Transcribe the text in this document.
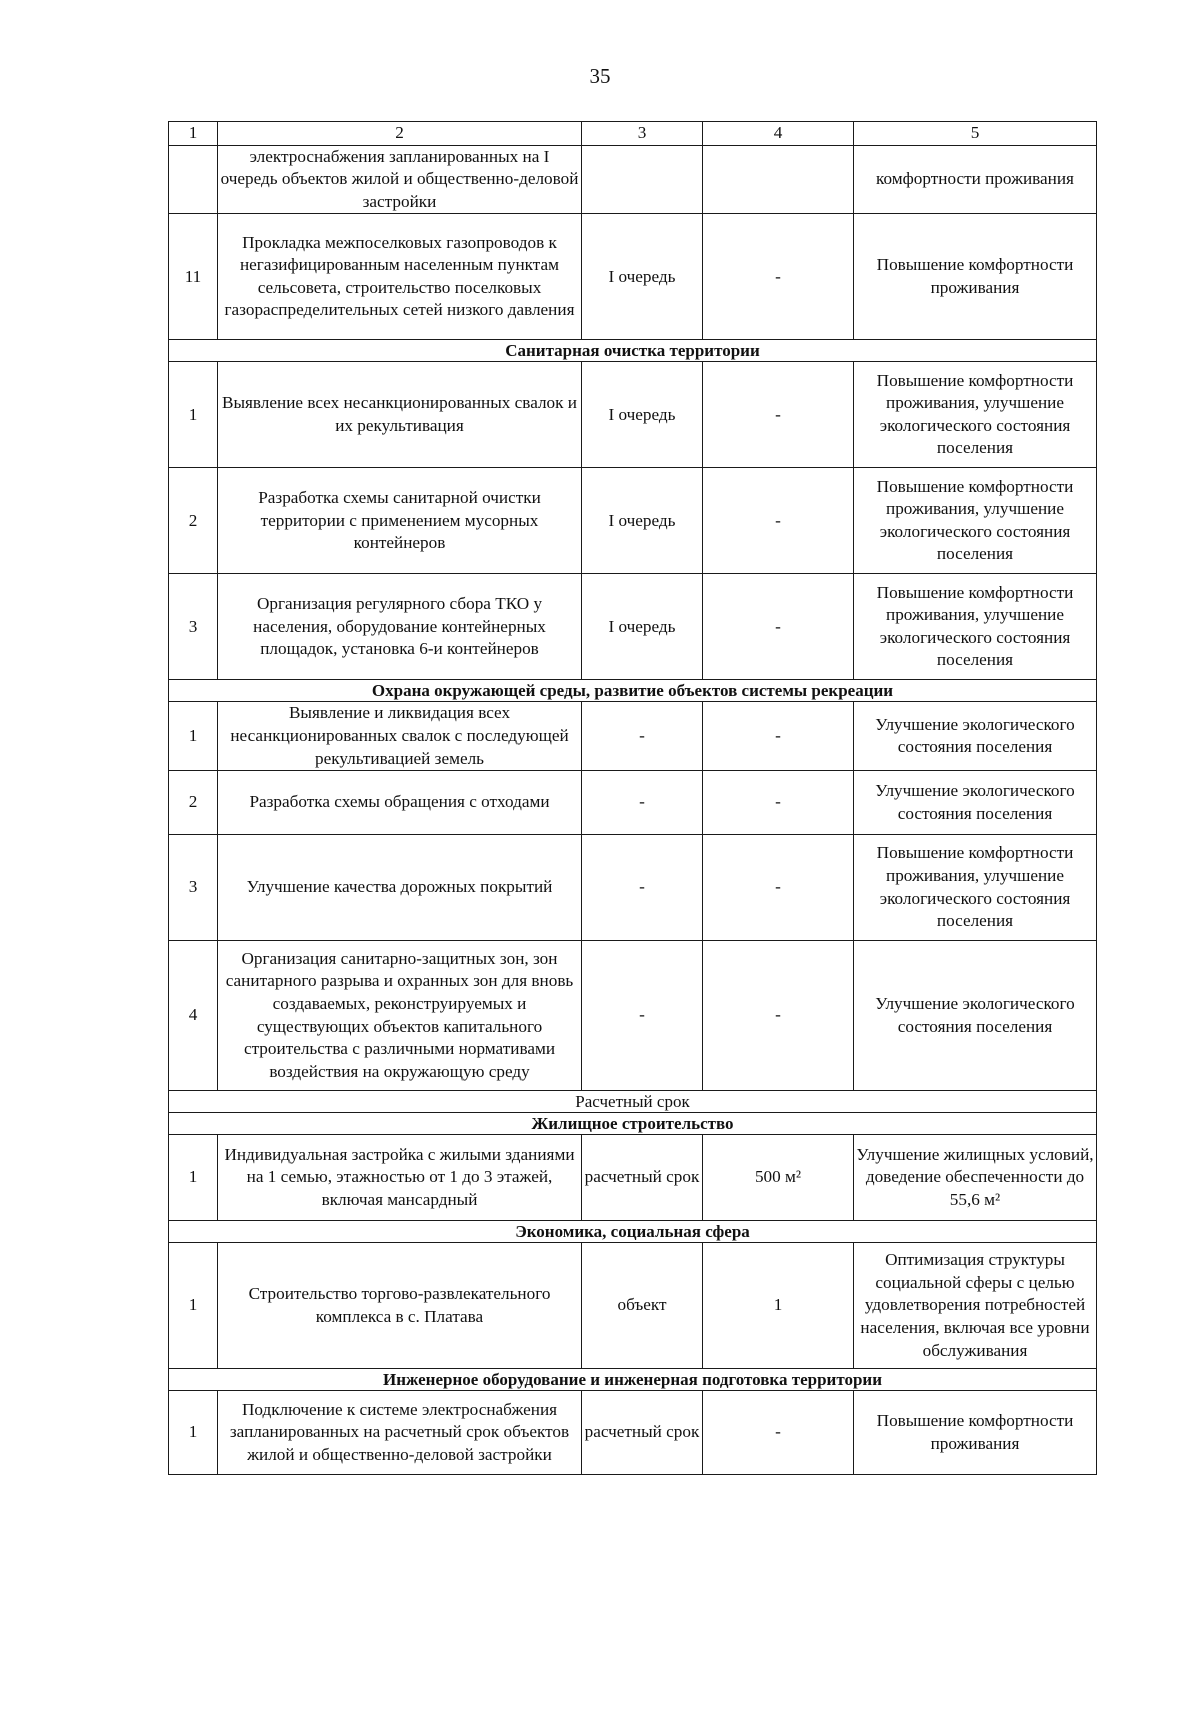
35
1	2	3	4	5
	электроснабжения запланированных на I очередь объектов жилой и общественно-деловой застройки			комфортности проживания
11	Прокладка межпоселковых газопроводов к негазифицированным населенным пунктам сельсовета, строительство поселковых газораспределительных сетей низкого давления	I очередь	-	Повышение комфортности проживания
Санитарная очистка территории				
1	Выявление всех несанкционированных свалок и их рекультивация	I очередь	-	Повышение комфортности проживания, улучшение экологического состояния поселения
2	Разработка схемы санитарной очистки территории с применением мусорных контейнеров	I очередь	-	Повышение комфортности проживания, улучшение экологического состояния поселения
3	Организация регулярного сбора ТКО у населения, оборудование контейнерных площадок, установка 6-и контейнеров	I очередь	-	Повышение комфортности проживания, улучшение экологического состояния поселения
Охрана окружающей среды, развитие объектов системы рекреации				
1	Выявление и ликвидация всех несанкционированных свалок с последующей рекультивацией земель	-	-	Улучшение экологического состояния поселения
2	Разработка схемы обращения с отходами	-	-	Улучшение экологического состояния поселения
3	Улучшение качества дорожных покрытий	-	-	Повышение комфортности проживания, улучшение экологического состояния поселения
4	Организация санитарно-защитных зон, зон санитарного разрыва и охранных зон для вновь создаваемых, реконструируемых и существующих объектов капитального строительства с различными нормативами воздействия на окружающую среду	-	-	Улучшение экологического состояния поселения
Расчетный срок				
Жилищное строительство				
1	Индивидуальная застройка с жилыми зданиями на 1 семью, этажностью от 1 до 3 этажей, включая мансардный	расчетный срок	500 м²	Улучшение жилищных условий, доведение обеспеченности до 55,6 м²
Экономика, социальная сфера				
1	Строительство торгово-развлекательного комплекса в с. Платава	объект	1	Оптимизация структуры социальной сферы с целью удовлетворения потребностей населения, включая все уровни обслуживания
Инженерное оборудование и инженерная подготовка территории				
1	Подключение к системе электроснабжения запланированных на расчетный срок объектов жилой и общественно-деловой застройки	расчетный срок	-	Повышение комфортности проживания
